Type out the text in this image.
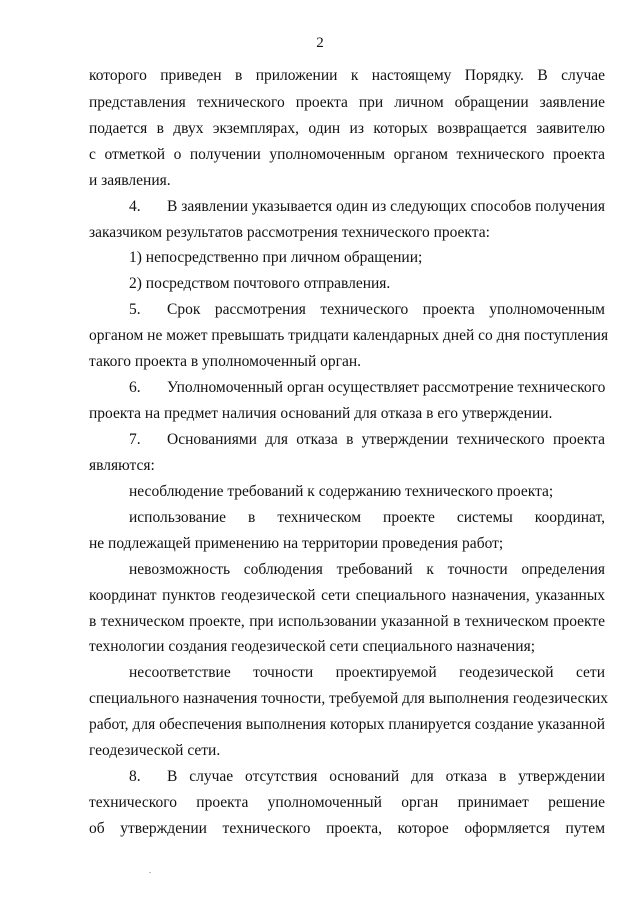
2
которого приведен в приложении к настоящему Порядку. В случае
представления технического проекта при личном обращении заявление
подается в двух экземплярах, один из которых возвращается заявителю
с отметкой о получении уполномоченным органом технического проекта
и заявления.
4. В заявлении указывается один из следующих способов получения
заказчиком результатов рассмотрения технического проекта:
1) непосредственно при личном обращении;
2) посредством почтового отправления.
5. Срок рассмотрения технического проекта уполномоченным
органом не может превышать тридцати календарных дней со дня поступления
такого проекта в уполномоченный орган.
6. Уполномоченный орган осуществляет рассмотрение технического
проекта на предмет наличия оснований для отказа в его утверждении.
7. Основаниями для отказа в утверждении технического проекта
являются:
несоблюдение требований к содержанию технического проекта;
использование в техническом проекте системы координат,
не подлежащей применению на территории проведения работ;
невозможность соблюдения требований к точности определения
координат пунктов геодезической сети специального назначения, указанных
в техническом проекте, при использовании указанной в техническом проекте
технологии создания геодезической сети специального назначения;
несоответствие точности проектируемой геодезической сети
специального назначения точности, требуемой для выполнения геодезических
работ, для обеспечения выполнения которых планируется создание указанной
геодезической сети.
8. В случае отсутствия оснований для отказа в утверждении
технического проекта уполномоченный орган принимает решение
об утверждении технического проекта, которое оформляется путем
